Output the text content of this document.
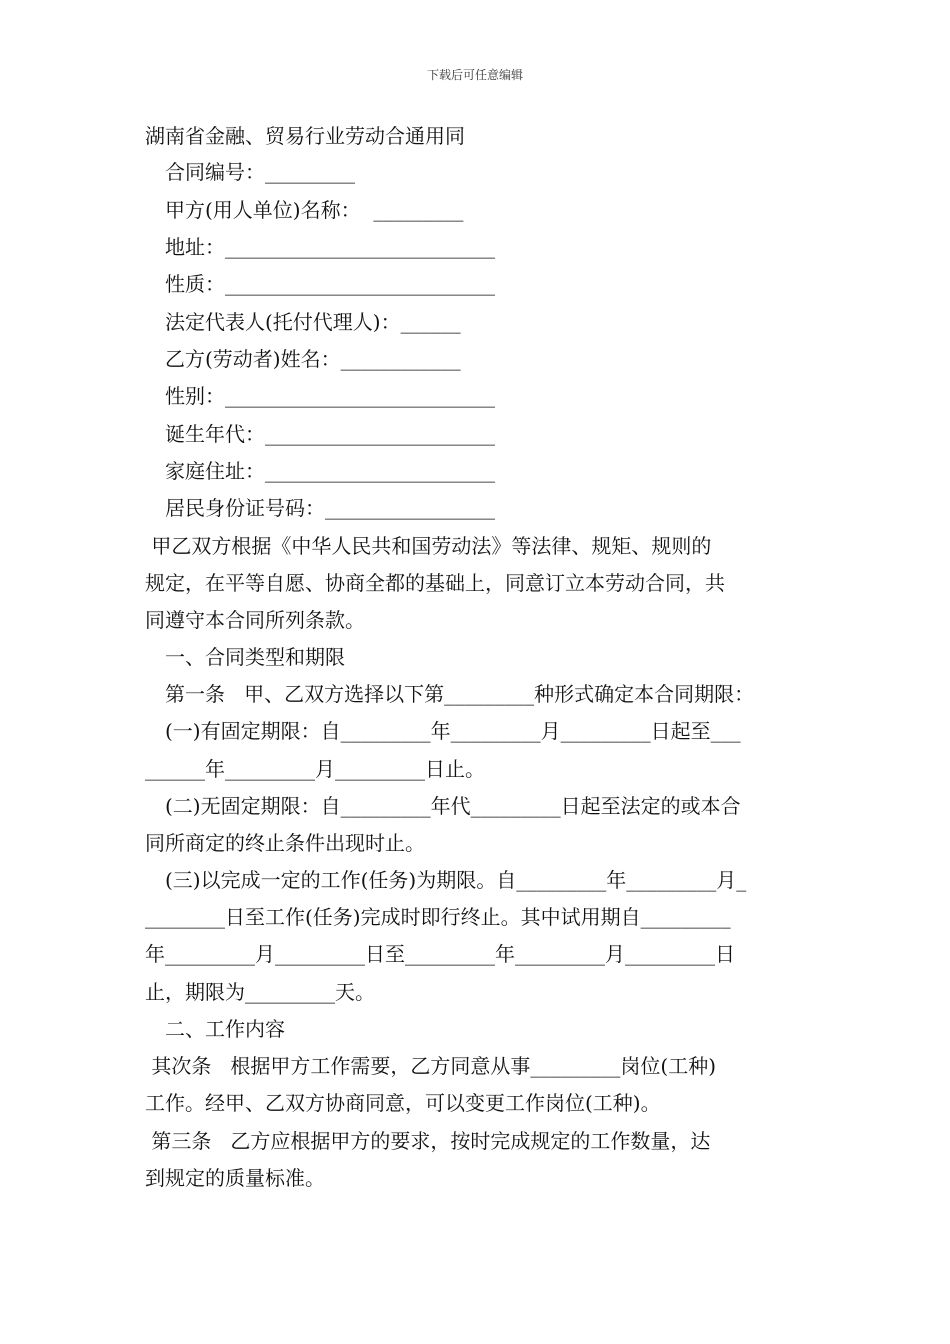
下载后可任意编辑
湖南省金融、贸易行业劳动合通用同
合同编号：_________
甲方(用人单位)名称：  _________
地址：___________________________
性质：___________________________
法定代表人(托付代理人)：______
乙方(劳动者)姓名：____________
性别：___________________________
诞生年代：_______________________
家庭住址：_______________________
居民身份证号码：_________________
甲乙双方根据《中华人民共和国劳动法》等法律、规矩、规则的
规定，在平等自愿、协商全都的基础上，同意订立本劳动合同，共
同遵守本合同所列条款。
一、合同类型和期限
第一条   甲、乙双方选择以下第_________种形式确定本合同期限：
(一)有固定期限：自_________年_________月_________日起至___
______年_________月_________日止。
(二)无固定期限：自_________年代_________日起至法定的或本合
同所商定的终止条件出现时止。
(三)以完成一定的工作(任务)为期限。自_________年_________月_
________日至工作(任务)完成时即行终止。其中试用期自_________
年_________月_________日至_________年_________月_________日
止，期限为_________天。
二、工作内容
其次条   根据甲方工作需要，乙方同意从事_________岗位(工种)
工作。经甲、乙双方协商同意，可以变更工作岗位(工种)。
第三条   乙方应根据甲方的要求，按时完成规定的工作数量，达
到规定的质量标准。
